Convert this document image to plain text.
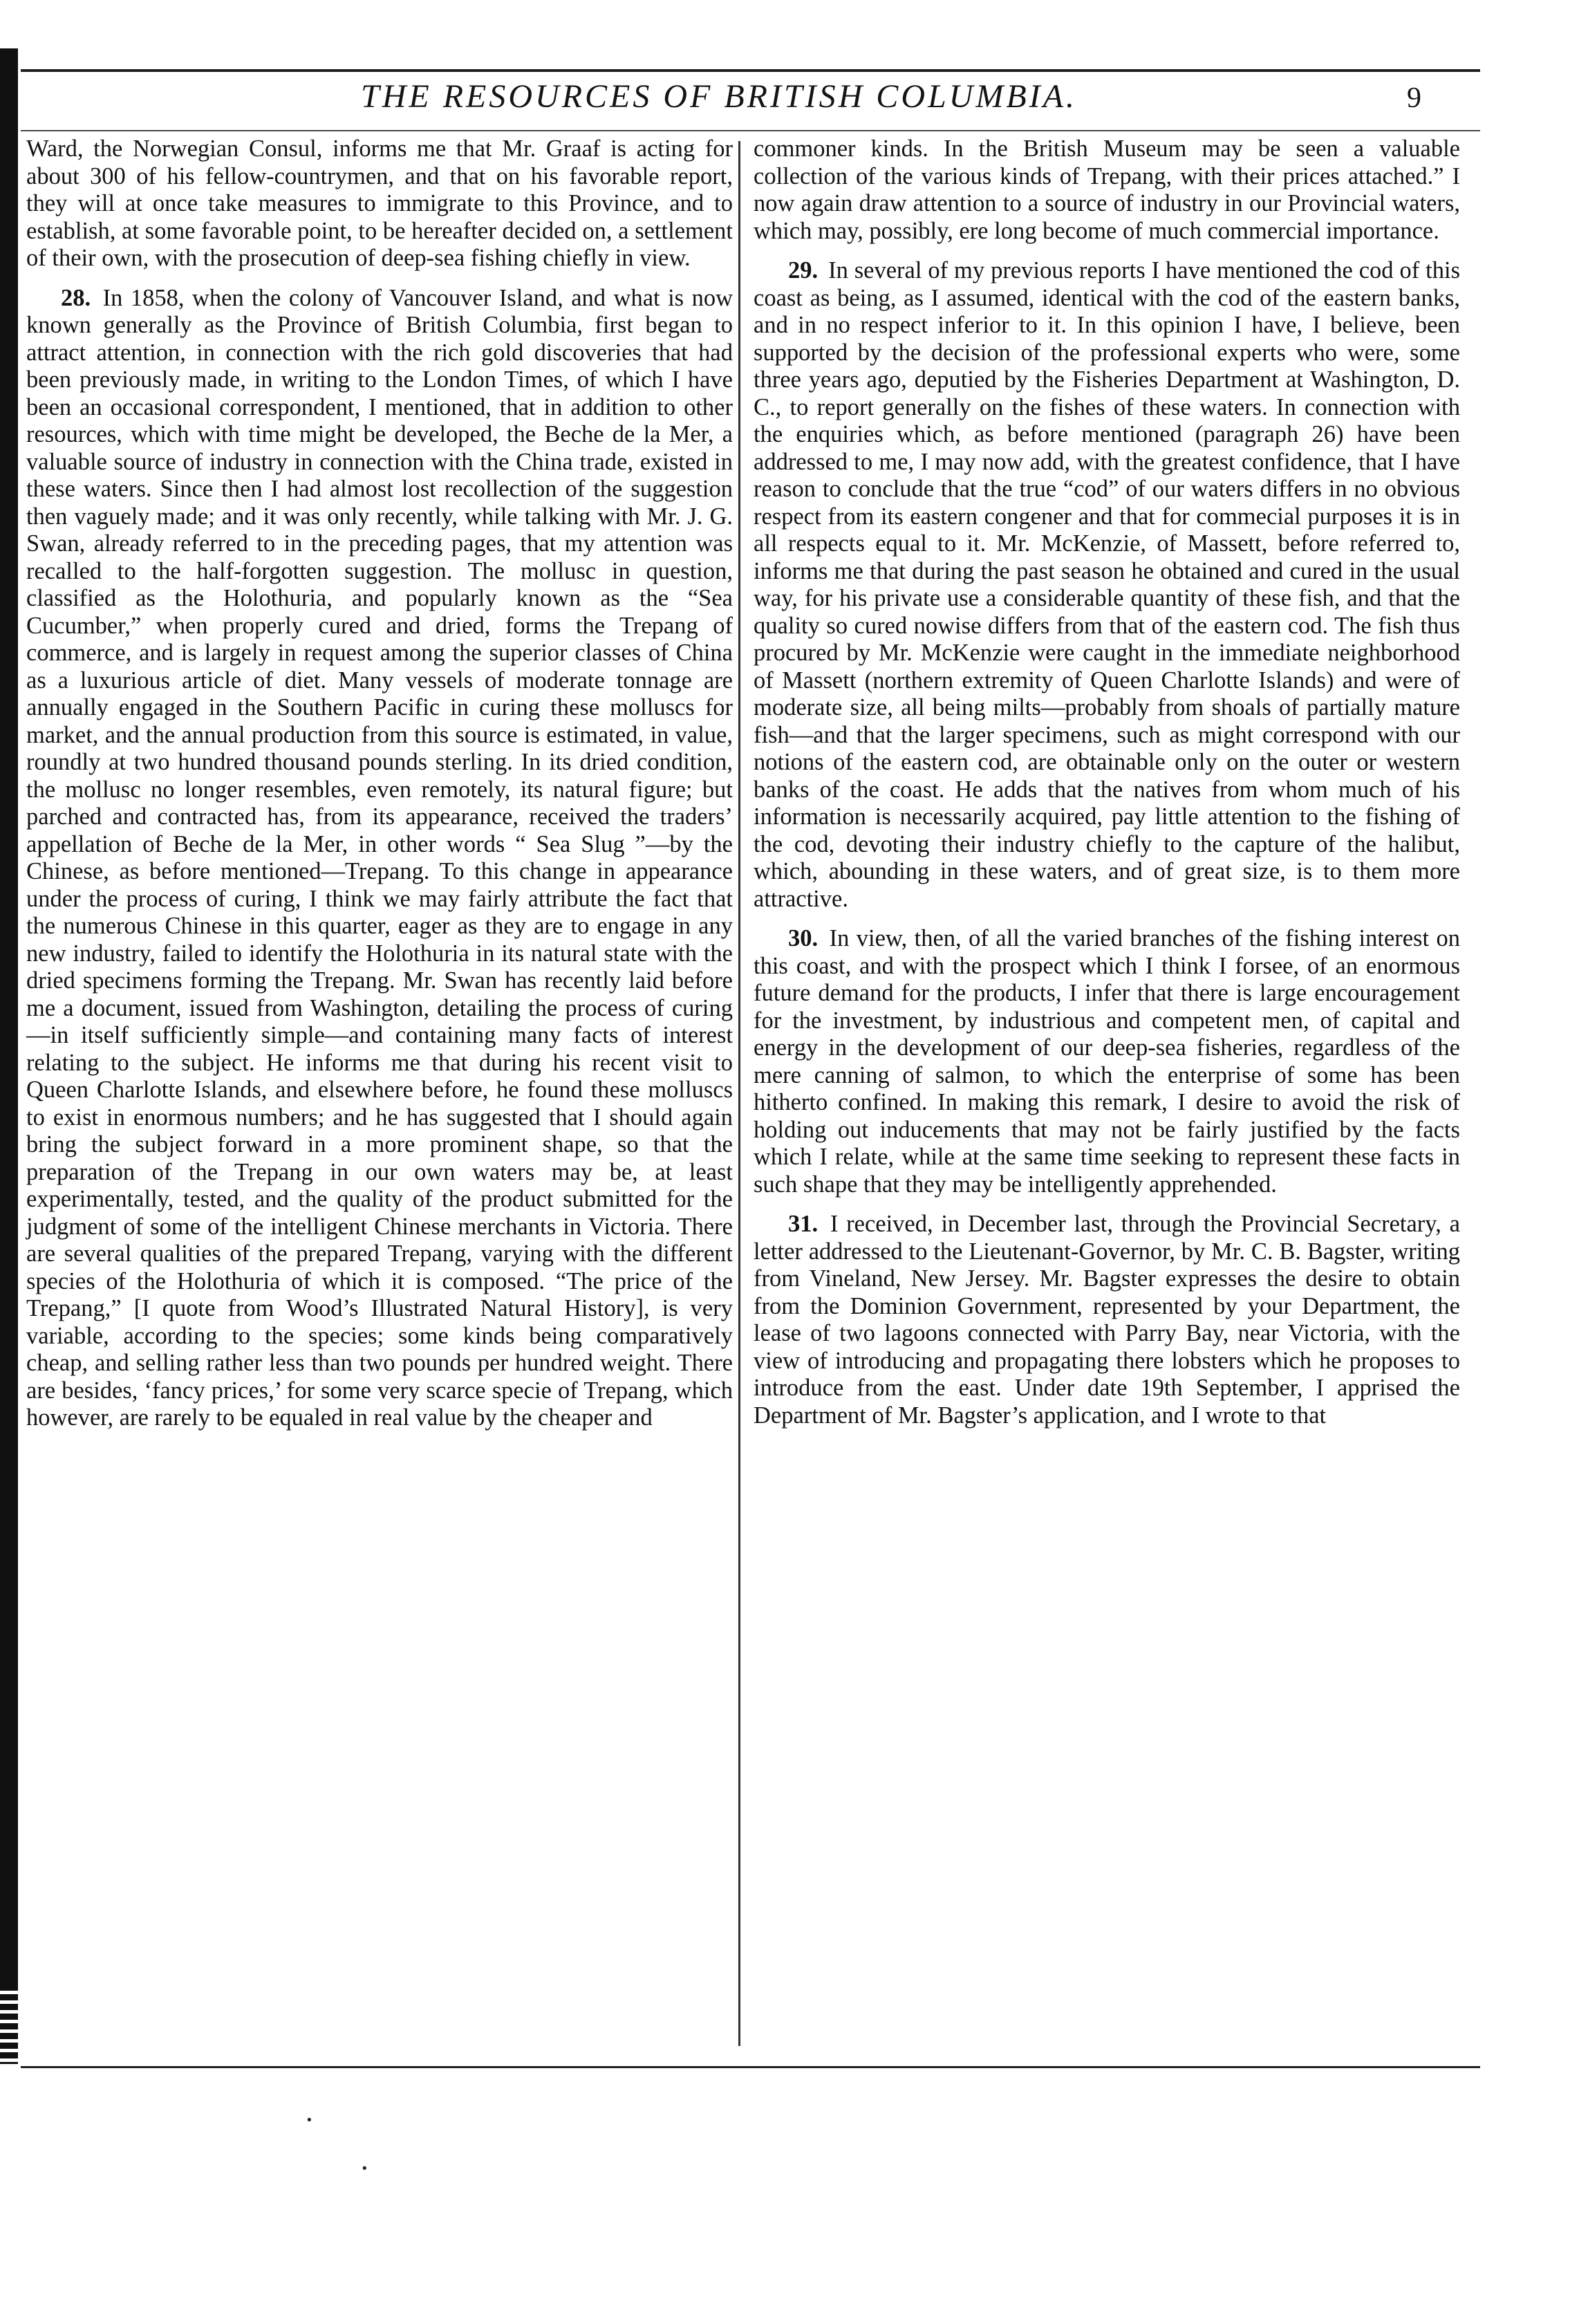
THE RESOURCES OF BRITISH COLUMBIA.	9

Ward, the Norwegian Consul, informs me that Mr. Graaf is acting for about 300 of his fellow-countrymen, and that on his favorable report, they will at once take measures to immigrate to this Province, and to establish, at some favorable point, to be hereafter decided on, a settlement of their own, with the prosecution of deep-sea fishing chiefly in view.

28. In 1858, when the colony of Vancouver Island, and what is now known generally as the Province of British Columbia, first began to attract attention, in connection with the rich gold discoveries that had been previously made, in writing to the London Times, of which I have been an occasional correspondent, I mentioned, that in addition to other resources, which with time might be developed, the Beche de la Mer, a valuable source of industry in connection with the China trade, existed in these waters. Since then I had almost lost recollection of the suggestion then vaguely made; and it was only recently, while talking with Mr. J. G. Swan, already referred to in the preceding pages, that my attention was recalled to the half-forgotten suggestion. The mollusc in question, classified as the Holothuria, and popularly known as the “Sea Cucumber,” when properly cured and dried, forms the Trepang of commerce, and is largely in request among the superior classes of China as a luxurious article of diet. Many vessels of moderate tonnage are annually engaged in the Southern Pacific in curing these molluscs for market, and the annual production from this source is estimated, in value, roundly at two hundred thousand pounds sterling. In its dried condition, the mollusc no longer resembles, even remotely, its natural figure; but parched and contracted has, from its appearance, received the traders’ appellation of Beche de la Mer, in other words “ Sea Slug ”—by the Chinese, as before mentioned—Trepang. To this change in appearance under the process of curing, I think we may fairly attribute the fact that the numerous Chinese in this quarter, eager as they are to engage in any new industry, failed to identify the Holothuria in its natural state with the dried specimens forming the Trepang. Mr. Swan has recently laid before me a document, issued from Washington, detailing the process of curing—in itself sufficiently simple—and containing many facts of interest relating to the subject. He informs me that during his recent visit to Queen Charlotte Islands, and elsewhere before, he found these molluscs to exist in enormous numbers; and he has suggested that I should again bring the subject forward in a more prominent shape, so that the preparation of the Trepang in our own waters may be, at least experimentally, tested, and the quality of the product submitted for the judgment of some of the intelligent Chinese merchants in Victoria. There are several qualities of the prepared Trepang, varying with the different species of the Holothuria of which it is composed. “The price of the Trepang,” [I quote from Wood’s Illustrated Natural History], is very variable, according to the species; some kinds being comparatively cheap, and selling rather less than two pounds per hundred weight. There are besides, ‘fancy prices,’ for some very scarce specie of Trepang, which however, are rarely to be equaled in real value by the cheaper and

commoner kinds. In the British Museum may be seen a valuable collection of the various kinds of Trepang, with their prices attached.” I now again draw attention to a source of industry in our Provincial waters, which may, possibly, ere long become of much commercial importance.

29. In several of my previous reports I have mentioned the cod of this coast as being, as I assumed, identical with the cod of the eastern banks, and in no respect inferior to it. In this opinion I have, I believe, been supported by the decision of the professional experts who were, some three years ago, deputied by the Fisheries Department at Washington, D. C., to report generally on the fishes of these waters. In connection with the enquiries which, as before mentioned (paragraph 26) have been addressed to me, I may now add, with the greatest confidence, that I have reason to conclude that the true “cod” of our waters differs in no obvious respect from its eastern congener and that for commecial purposes it is in all respects equal to it. Mr. McKenzie, of Massett, before referred to, informs me that during the past season he obtained and cured in the usual way, for his private use a considerable quantity of these fish, and that the quality so cured nowise differs from that of the eastern cod. The fish thus procured by Mr. McKenzie were caught in the immediate neighborhood of Massett (northern extremity of Queen Charlotte Islands) and were of moderate size, all being milts—probably from shoals of partially mature fish—and that the larger specimens, such as might correspond with our notions of the eastern cod, are obtainable only on the outer or western banks of the coast. He adds that the natives from whom much of his information is necessarily acquired, pay little attention to the fishing of the cod, devoting their industry chiefly to the capture of the halibut, which, abounding in these waters, and of great size, is to them more attractive.

30. In view, then, of all the varied branches of the fishing interest on this coast, and with the prospect which I think I forsee, of an enormous future demand for the products, I infer that there is large encouragement for the investment, by industrious and competent men, of capital and energy in the development of our deep-sea fisheries, regardless of the mere canning of salmon, to which the enterprise of some has been hitherto confined. In making this remark, I desire to avoid the risk of holding out inducements that may not be fairly justified by the facts which I relate, while at the same time seeking to represent these facts in such shape that they may be intelligently apprehended.

31. I received, in December last, through the Provincial Secretary, a letter addressed to the Lieutenant-Governor, by Mr. C. B. Bagster, writing from Vineland, New Jersey. Mr. Bagster expresses the desire to obtain from the Dominion Government, represented by your Department, the lease of two lagoons connected with Parry Bay, near Victoria, with the view of introducing and propagating there lobsters which he proposes to introduce from the east. Under date 19th September, I apprised the Department of Mr. Bagster’s application, and I wrote to that

·
·
